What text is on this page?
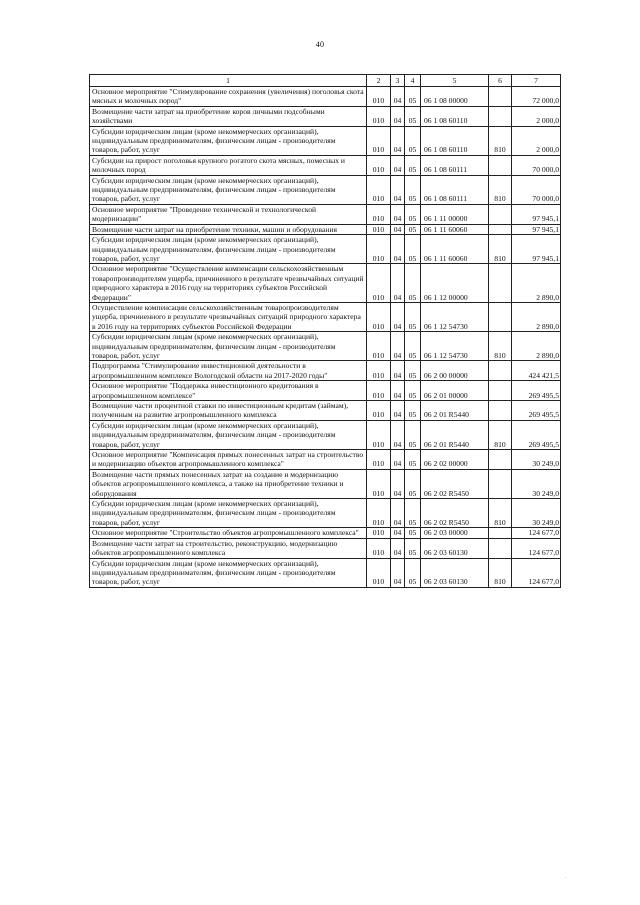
40
1	2	3	4	5	6	7
Основное мероприятие "Стимулирование сохранения (увеличения) поголовья скота мясных и молочных пород"	010	04	05	06 1 08 00000		72 000,0
Возмещение части затрат на приобретение коров личными подсобными хозяйствами	010	04	05	06 1 08 60110		2 000,0
Субсидии юридическим лицам (кроме некоммерческих организаций), индивидуальным предпринимателям, физическим лицам - производителям товаров, работ, услуг	010	04	05	06 1 08 60110	810	2 000,0
Субсидии на прирост поголовья крупного рогатого скота мясных, помесных и молочных пород	010	04	05	06 1 08 60111		70 000,0
Субсидии юридическим лицам (кроме некоммерческих организаций), индивидуальным предпринимателям, физическим лицам - производителям товаров, работ, услуг	010	04	05	06 1 08 60111	810	70 000,0
Основное мероприятие "Проведение технической и технологической модернизации"	010	04	05	06 1 11 00000		97 945,1
Возмещение части затрат на приобретение техники, машин и оборудования	010	04	05	06 1 11 60060		97 945,1
Субсидии юридическим лицам (кроме некоммерческих организаций), индивидуальным предпринимателям, физическим лицам - производителям товаров, работ, услуг	010	04	05	06 1 11 60060	810	97 945,1
Основное мероприятие "Осуществление компенсации сельскохозяйственным товаропроизводителям ущерба, причиненного в результате чрезвычайных ситуаций природного характера в 2016 году на территориях субъектов Российской Федерации"	010	04	05	06 1 12 00000		2 890,0
Осуществление компенсации сельскохозяйственным товаропроизводителям ущерба, причиненного в результате чрезвычайных ситуаций природного характера в 2016 году на территориях субъектов Российской Федерации	010	04	05	06 1 12 54730		2 890,0
Субсидии юридическим лицам (кроме некоммерческих организаций), индивидуальным предпринимателям, физическим лицам - производителям товаров, работ, услуг	010	04	05	06 1 12 54730	810	2 890,0
Подпрограмма "Стимулирование инвестиционной деятельности в агропромышленном комплексе Вологодской области на 2017-2020 годы"	010	04	05	06 2 00 00000		424 421,5
Основное мероприятие "Поддержка инвестиционного кредитования в агропромышленном комплексе"	010	04	05	06 2 01 00000		269 495,5
Возмещение части процентной ставки по инвестиционным кредитам (займам), полученным на развитие агропромышленного комплекса	010	04	05	06 2 01 R5440		269 495,5
Субсидии юридическим лицам (кроме некоммерческих организаций), индивидуальным предпринимателям, физическим лицам - производителям товаров, работ, услуг	010	04	05	06 2 01 R5440	810	269 495,5
Основное мероприятие "Компенсация прямых понесенных затрат на строительство и модернизацию объектов агропромышленного комплекса"	010	04	05	06 2 02 00000		30 249,0
Возмещение части прямых понесенных затрат на создание и модернизацию объектов агропромышленного комплекса, а также на приобретение техники и оборудования	010	04	05	06 2 02 R5450		30 249,0
Субсидии юридическим лицам (кроме некоммерческих организаций), индивидуальным предпринимателям, физическим лицам - производителям товаров, работ, услуг	010	04	05	06 2 02 R5450	810	30 249,0
Основное мероприятие "Строительство объектов агропромышленного комплекса"	010	04	05	06 2 03 00000		124 677,0
Возмещение части затрат на строительство, реконструкцию, модернизацию объектов агропромышленного комплекса	010	04	05	06 2 03 60130		124 677,0
Субсидии юридическим лицам (кроме некоммерческих организаций), индивидуальным предпринимателям, физическим лицам - производителям товаров, работ, услуг	010	04	05	06 2 03 60130	810	124 677,0
·
